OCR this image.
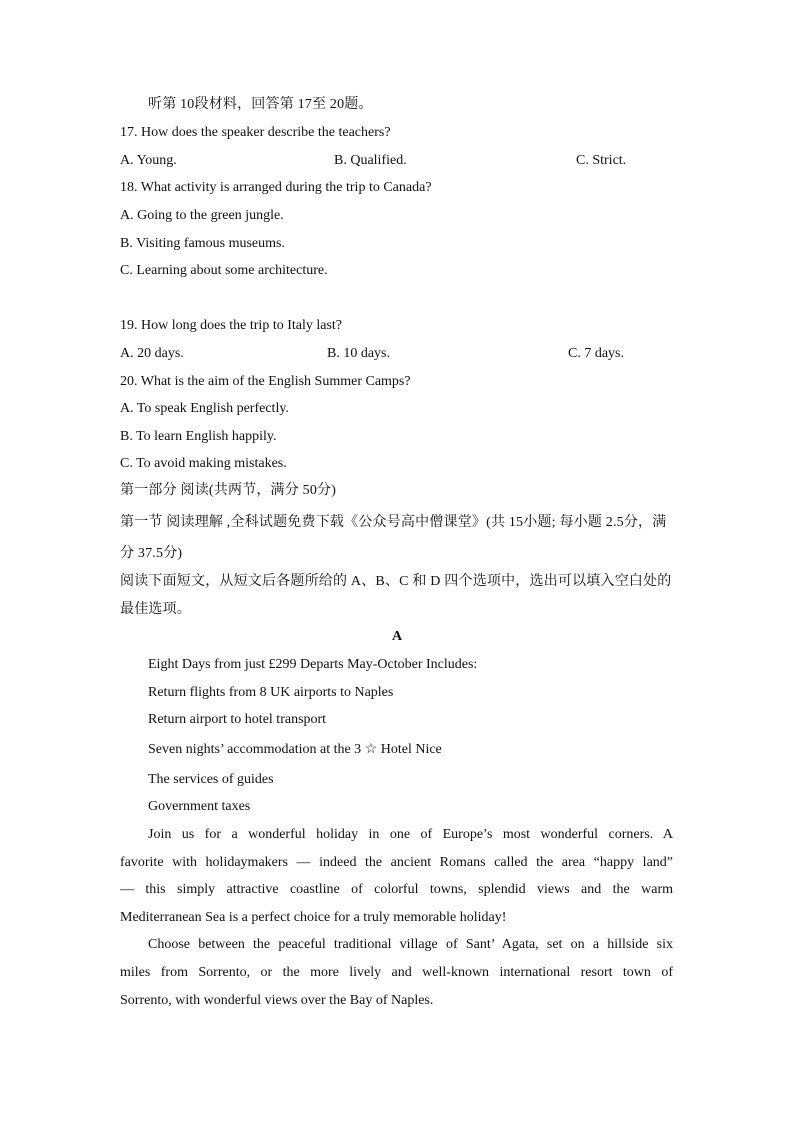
听第 10段材料，回答第 17至 20题。
17. How does the speaker describe the teachers?
A. Young.	B. Qualified.	C. Strict.
18. What activity is arranged during the trip to Canada?
A. Going to the green jungle.
B. Visiting famous museums.
C. Learning about some architecture.
19. How long does the trip to Italy last?
A. 20 days.	B. 10 days.	C. 7 days.
20. What is the aim of the English Summer Camps?
A. To speak English perfectly.
B. To learn English happily.
C. To avoid making mistakes.
第一部分 阅读(共两节，满分 50分)
第一节 阅读理解 ,全科试题免费下载《公众号高中僧课堂》(共 15小题; 每小题 2.5分，满
分 37.5分)
阅读下面短文，从短文后各题所给的 A、B、C 和 D 四个选项中，选出可以填入空白处的
最佳选项。
A
Eight Days from just £299 Departs May-October Includes:
Return flights from 8 UK airports to Naples
Return airport to hotel transport
Seven nights’ accommodation at the 3 ☆ Hotel Nice
The services of guides
Government taxes
Join us for a wonderful holiday in one of Europe’s most wonderful corners. A
favorite with holidaymakers — indeed the ancient Romans called the area “happy land”
— this simply attractive coastline of colorful towns, splendid views and the warm
Mediterranean Sea is a perfect choice for a truly memorable holiday!
Choose between the peaceful traditional village of Sant’ Agata, set on a hillside six
miles from Sorrento, or the more lively and well-known international resort town of
Sorrento, with wonderful views over the Bay of Naples.
